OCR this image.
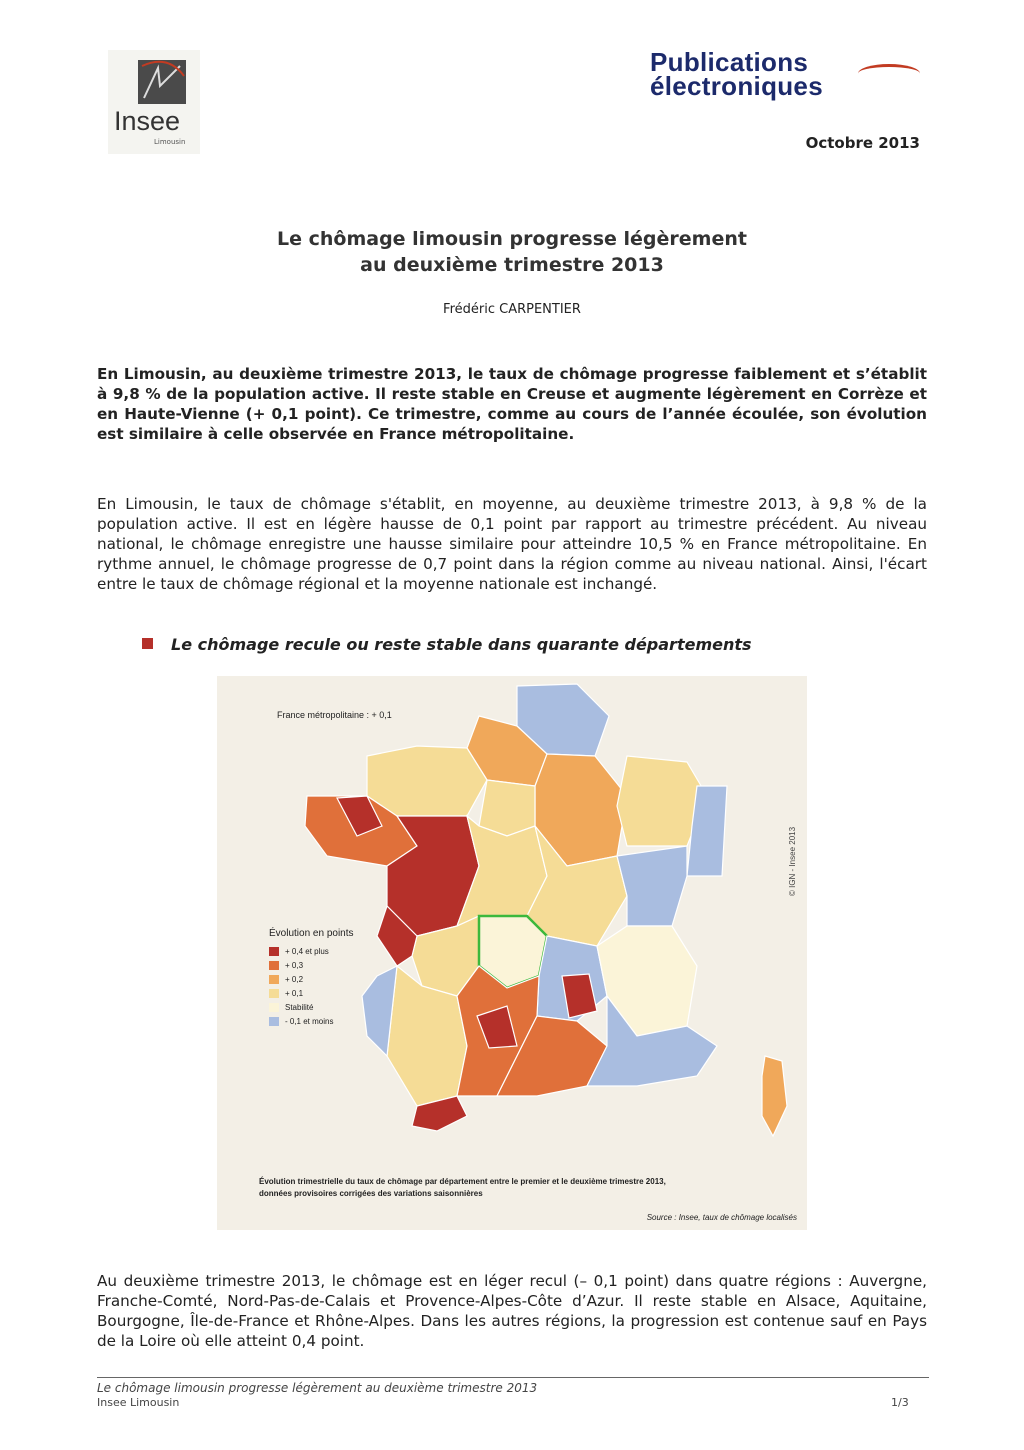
Insee
Limousin
Publications
électroniques
Octobre 2013
Le chômage limousin progresse légèrement
au deuxième trimestre 2013
Frédéric CARPENTIER
En Limousin, au deuxième trimestre 2013, le taux de chômage progresse faiblement et s’établit à 9,8 % de la population active. Il reste stable en Creuse et augmente légèrement en Corrèze et en Haute-Vienne (+ 0,1 point). Ce trimestre, comme au cours de l’année écoulée, son évolution est similaire à celle observée en France métropolitaine.
En Limousin, le taux de chômage s'établit, en moyenne, au deuxième trimestre 2013, à 9,8 % de la population active. Il est en légère hausse de 0,1 point par rapport au trimestre précédent. Au niveau national, le chômage enregistre une hausse similaire pour atteindre 10,5 % en France métropolitaine. En rythme annuel, le chômage progresse de 0,7 point dans la région comme au niveau national. Ainsi, l'écart entre le taux de chômage régional et la moyenne nationale est inchangé.
Le chômage recule ou reste stable dans quarante départements
France métropolitaine : + 0,1
© IGN - Insee 2013
Évolution trimestrielle du taux de chômage par département entre le premier et le deuxième trimestre 2013,
données provisoires corrigées des variations saisonnières
Source : Insee, taux de chômage localisés
Évolution en points
+ 0,4 et plus
+ 0,3
+ 0,2
+ 0,1
Stabilité
- 0,1 et moins
Au deuxième trimestre 2013, le chômage est en léger recul (– 0,1 point) dans quatre régions : Auvergne, Franche-Comté, Nord-Pas-de-Calais et Provence-Alpes-Côte d’Azur. Il reste stable en Alsace, Aquitaine, Bourgogne, Île-de-France et Rhône-Alpes. Dans les autres régions, la progression est contenue sauf en Pays de la Loire où elle atteint 0,4 point.
Le chômage limousin progresse légèrement au deuxième trimestre 2013
Insee Limousin	1/3
